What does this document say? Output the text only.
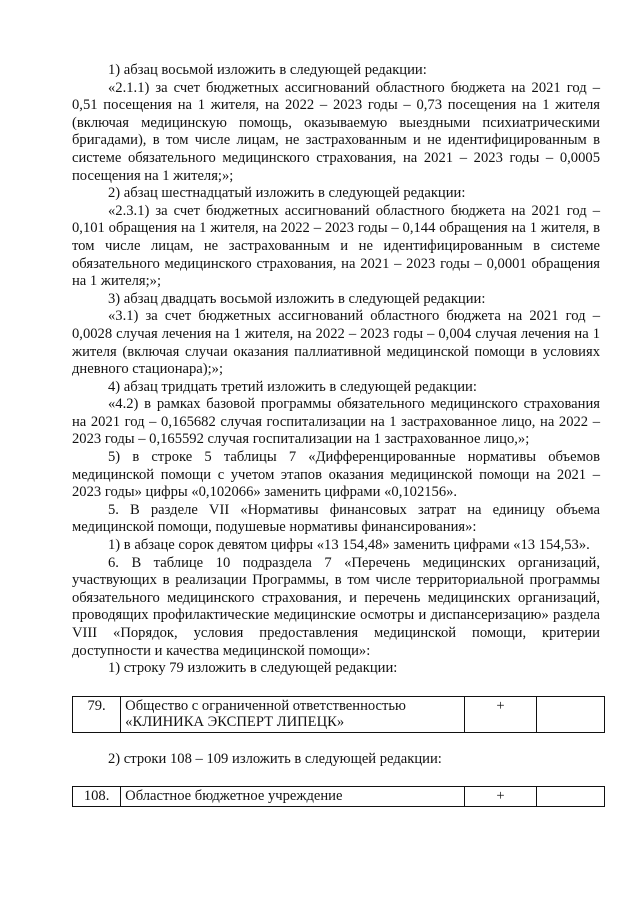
1) абзац восьмой изложить в следующей редакции:

«2.1.1) за счет бюджетных ассигнований областного бюджета на 2021 год – 0,51 посещения на 1 жителя, на 2022 – 2023 годы – 0,73 посещения на 1 жителя (включая медицинскую помощь, оказываемую выездными психиатрическими бригадами), в том числе лицам, не застрахованным и не идентифицированным в системе обязательного медицинского страхования, на 2021 – 2023 годы – 0,0005 посещения на 1 жителя;»;

2) абзац шестнадцатый изложить в следующей редакции:

«2.3.1) за счет бюджетных ассигнований областного бюджета на 2021 год – 0,101 обращения на 1 жителя, на 2022 – 2023 годы – 0,144 обращения на 1 жителя, в том числе лицам, не застрахованным и не идентифицированным в системе обязательного медицинского страхования, на 2021 – 2023 годы – 0,0001 обращения на 1 жителя;»;

3) абзац двадцать восьмой изложить в следующей редакции:

«3.1) за счет бюджетных ассигнований областного бюджета на 2021 год – 0,0028 случая лечения на 1 жителя, на 2022 – 2023 годы – 0,004 случая лечения на 1 жителя (включая случаи оказания паллиативной медицинской помощи в условиях дневного стационара);»;

4) абзац тридцать третий изложить в следующей редакции:

«4.2) в рамках базовой программы обязательного медицинского страхования на 2021 год – 0,165682 случая госпитализации на 1 застрахованное лицо, на 2022 – 2023 годы – 0,165592 случая госпитализации на 1 застрахованное лицо,»;

5) в строке 5 таблицы 7 «Дифференцированные нормативы объемов медицинской помощи с учетом этапов оказания медицинской помощи на 2021 – 2023 годы» цифры «0,102066» заменить цифрами «0,102156».

5. В разделе VII «Нормативы финансовых затрат на единицу объема медицинской помощи, подушевые нормативы финансирования»:

1) в абзаце сорок девятом цифры «13 154,48» заменить цифрами «13 154,53».

6. В таблице 10 подраздела 7 «Перечень медицинских организаций, участвующих в реализации Программы, в том числе территориальной программы обязательного медицинского страхования, и перечень медицинских организаций, проводящих профилактические медицинские осмотры и диспансеризацию» раздела VIII «Порядок, условия предоставления медицинской помощи, критерии доступности и качества медицинской помощи»:

1) строку 79 изложить в следующей редакции:

79.	Общество с ограниченной ответственностью «КЛИНИКА ЭКСПЕРТ ЛИПЕЦК»	+	

2) строки 108 – 109 изложить в следующей редакции:

108.	Областное бюджетное учреждение	+	
